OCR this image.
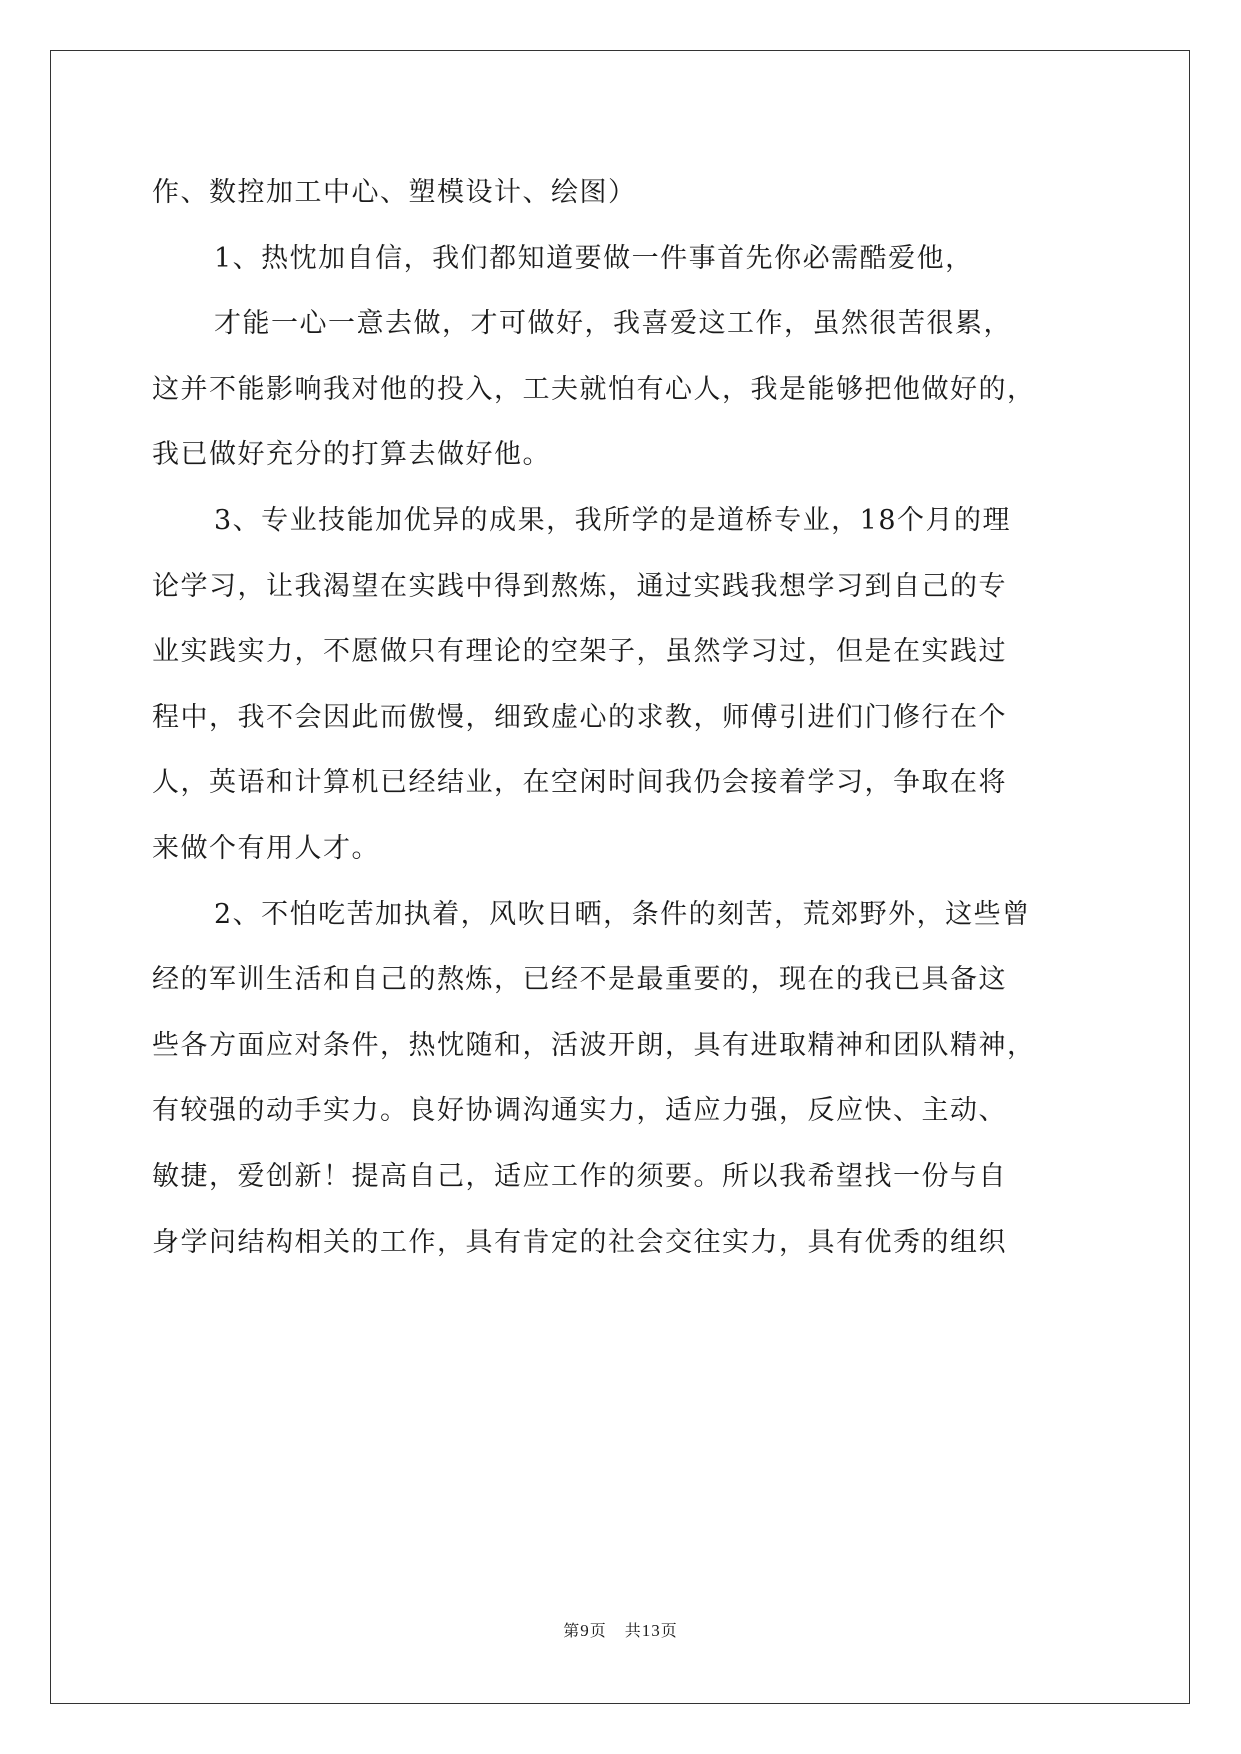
作、数控加工中心、塑模设计、绘图）
1、热忱加自信，我们都知道要做一件事首先你必需酷爱他，
才能一心一意去做，才可做好，我喜爱这工作，虽然很苦很累，
这并不能影响我对他的投入，工夫就怕有心人，我是能够把他做好的，
我已做好充分的打算去做好他。
3、专业技能加优异的成果，我所学的是道桥专业，18个月的理
论学习，让我渴望在实践中得到熬炼，通过实践我想学习到自己的专
业实践实力，不愿做只有理论的空架子，虽然学习过，但是在实践过
程中，我不会因此而傲慢，细致虚心的求教，师傅引进们门修行在个
人，英语和计算机已经结业，在空闲时间我仍会接着学习，争取在将
来做个有用人才。
2、不怕吃苦加执着，风吹日晒，条件的刻苦，荒郊野外，这些曾
经的军训生活和自己的熬炼，已经不是最重要的，现在的我已具备这
些各方面应对条件，热忱随和，活波开朗，具有进取精神和团队精神，
有较强的动手实力。良好协调沟通实力，适应力强，反应快、主动、
敏捷，爱创新！提高自己，适应工作的须要。所以我希望找一份与自
身学问结构相关的工作，具有肯定的社会交往实力，具有优秀的组织
第9页 共13页
